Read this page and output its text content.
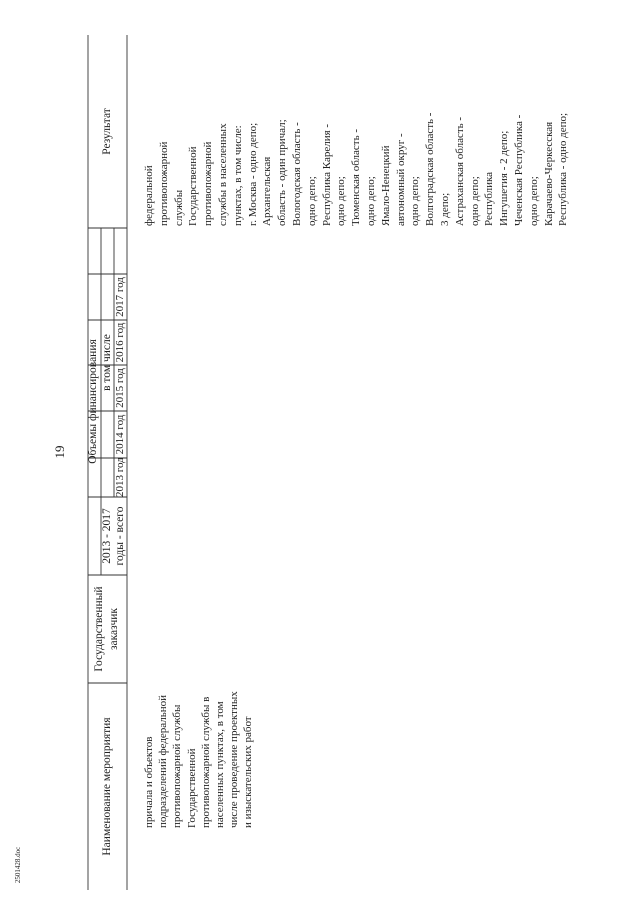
19
2501428.doc
Наименование мероприятия
Государственный заказчик
Объемы финансирования
2013 - 2017 годы - всего
в том числе
2013 год
2014 год
2015 год
2016 год
2017 год
Результат
причала и объектов подразделений федеральной противопожарной службы Государственной противопожарной службы в населенных пунктах, в том числе проведение проектных и изыскательских работ
федеральной противопожарной службы Государственной противопожарной службы в населенных пунктах, в том числе: г. Москва - одно депо; Архангельская область - один причал; Вологодская область - одно депо; Республика Карелия - одно депо; Тюменская область - одно депо; Ямало-Ненецкий автономный округ - одно депо; Волгоградская область - 3 депо; Астраханская область - одно депо; Республика Ингушетия - 2 депо; Чеченская Республика - одно депо; Карачаево-Черкесская Республика - одно депо;
